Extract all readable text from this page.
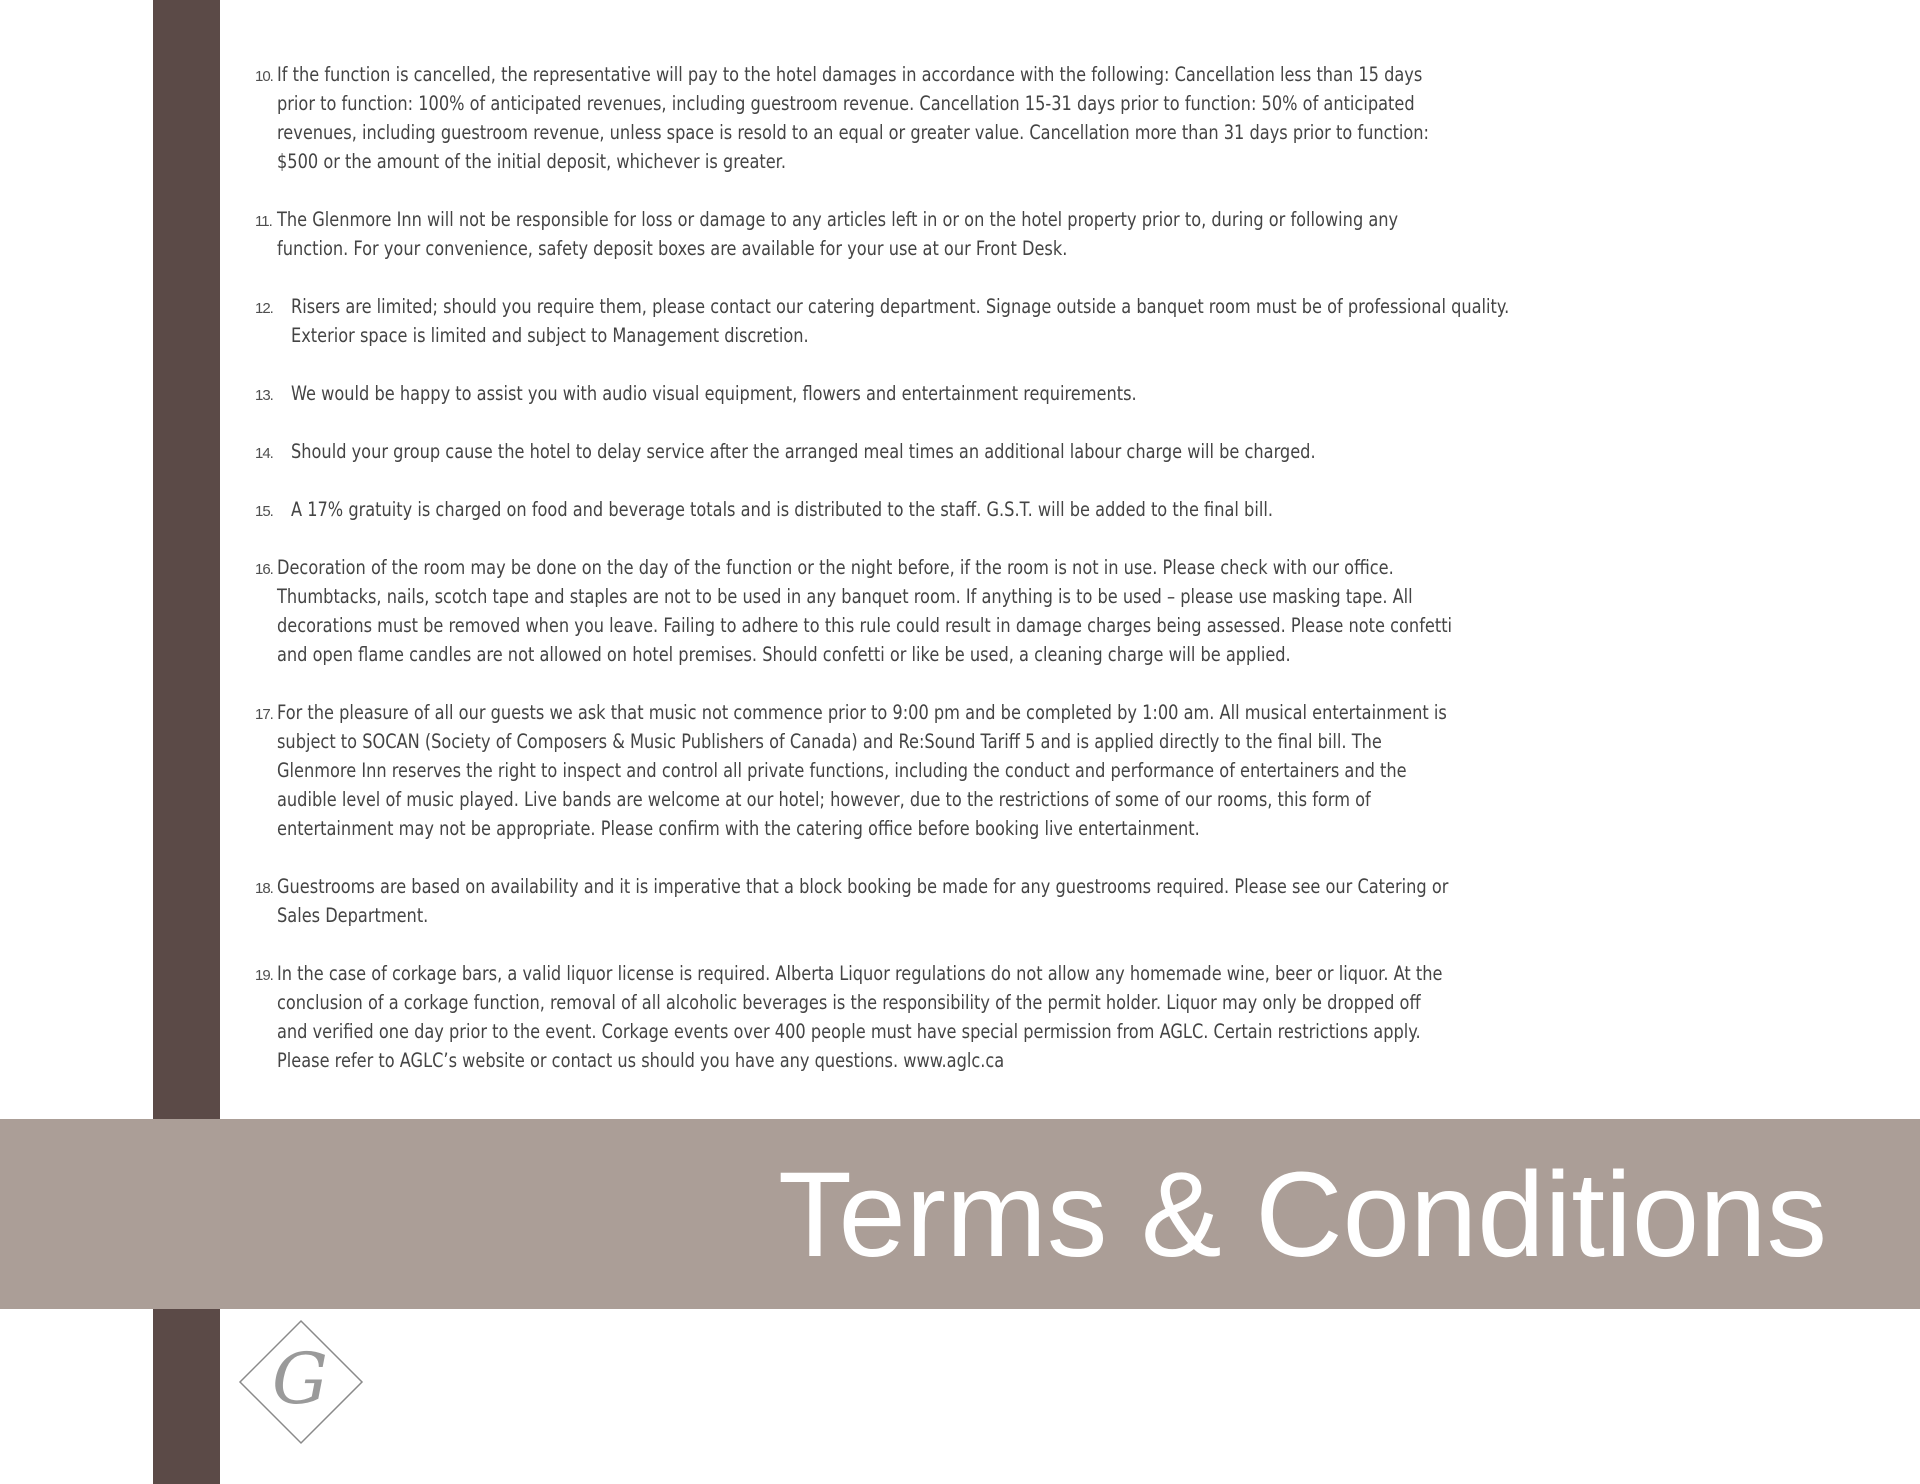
10. If the function is cancelled, the representative will pay to the hotel damages in accordance with the following: Cancellation less than 15 days
prior to function: 100% of anticipated revenues, including guestroom revenue. Cancellation 15-31 days prior to function: 50% of anticipated
revenues, including guestroom revenue, unless space is resold to an equal or greater value. Cancellation more than 31 days prior to function:
$500 or the amount of the initial deposit, whichever is greater.
11. The Glenmore Inn will not be responsible for loss or damage to any articles left in or on the hotel property prior to, during or following any
function. For your convenience, safety deposit boxes are available for your use at our Front Desk.
12. Risers are limited; should you require them, please contact our catering department. Signage outside a banquet room must be of professional quality.
Exterior space is limited and subject to Management discretion.
13. We would be happy to assist you with audio visual equipment, flowers and entertainment requirements.
14. Should your group cause the hotel to delay service after the arranged meal times an additional labour charge will be charged.
15. A 17% gratuity is charged on food and beverage totals and is distributed to the staff. G.S.T. will be added to the final bill.
16. Decoration of the room may be done on the day of the function or the night before, if the room is not in use. Please check with our office.
Thumbtacks, nails, scotch tape and staples are not to be used in any banquet room. If anything is to be used – please use masking tape. All
decorations must be removed when you leave. Failing to adhere to this rule could result in damage charges being assessed. Please note confetti
and open flame candles are not allowed on hotel premises. Should confetti or like be used, a cleaning charge will be applied.
17. For the pleasure of all our guests we ask that music not commence prior to 9:00 pm and be completed by 1:00 am. All musical entertainment is
subject to SOCAN (Society of Composers & Music Publishers of Canada) and Re:Sound Tariff 5 and is applied directly to the final bill. The
Glenmore Inn reserves the right to inspect and control all private functions, including the conduct and performance of entertainers and the
audible level of music played. Live bands are welcome at our hotel; however, due to the restrictions of some of our rooms, this form of
entertainment may not be appropriate. Please confirm with the catering office before booking live entertainment.
18. Guestrooms are based on availability and it is imperative that a block booking be made for any guestrooms required. Please see our Catering or
Sales Department.
19. In the case of corkage bars, a valid liquor license is required. Alberta Liquor regulations do not allow any homemade wine, beer or liquor. At the
conclusion of a corkage function, removal of all alcoholic beverages is the responsibility of the permit holder. Liquor may only be dropped off
and verified one day prior to the event. Corkage events over 400 people must have special permission from AGLC. Certain restrictions apply.
Please refer to AGLC’s website or contact us should you have any questions. www.aglc.ca
Terms & Conditions
G
